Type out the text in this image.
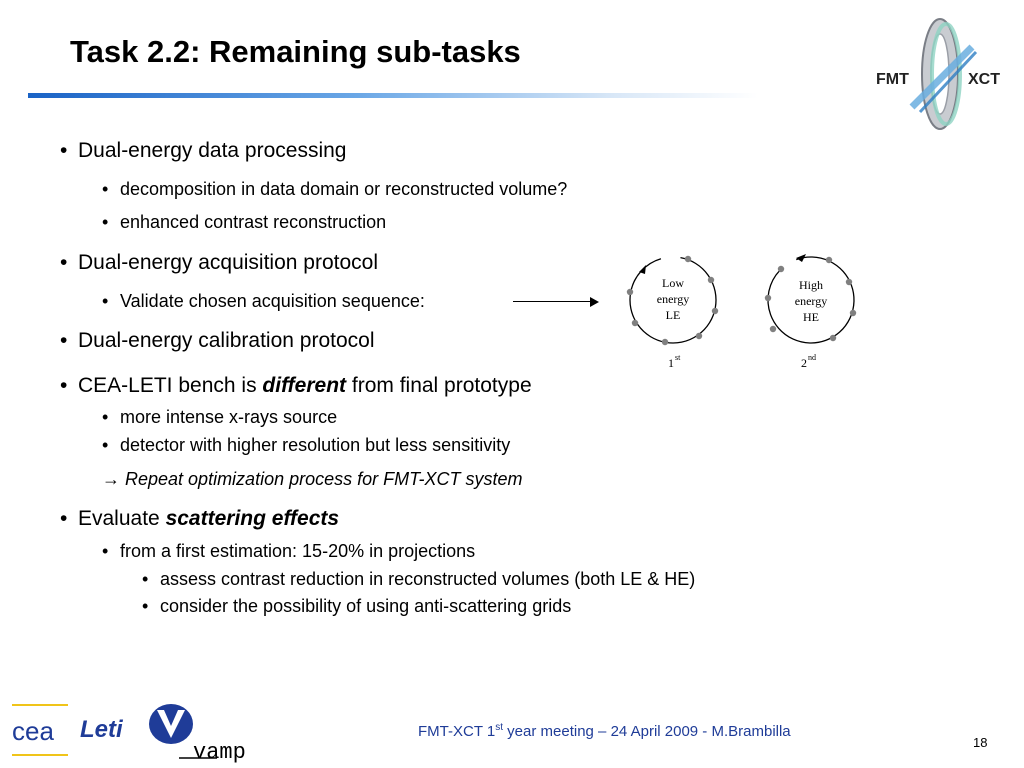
Task 2.2: Remaining sub-tasks
FMT	XCT
• Dual-energy data processing
• decomposition in data domain or reconstructed volume?
• enhanced contrast reconstruction
• Dual-energy acquisition protocol
• Validate chosen acquisition sequence:
• Dual-energy calibration protocol
• CEA-LETI bench is different from final prototype
• more intense x-rays source
• detector with higher resolution but less sensitivity
→ Repeat optimization process for FMT-XCT system
• Evaluate scattering effects
• from a first estimation: 15-20% in projections
• assess contrast reduction in reconstructed volumes (both LE & HE)
• consider the possibility of using anti-scattering grids
Low
energy
LE
1 st
High
energy
HE
2 nd
cea Leti
vamp
FMT-XCT 1st year meeting – 24 April 2009 - M.Brambilla
18
